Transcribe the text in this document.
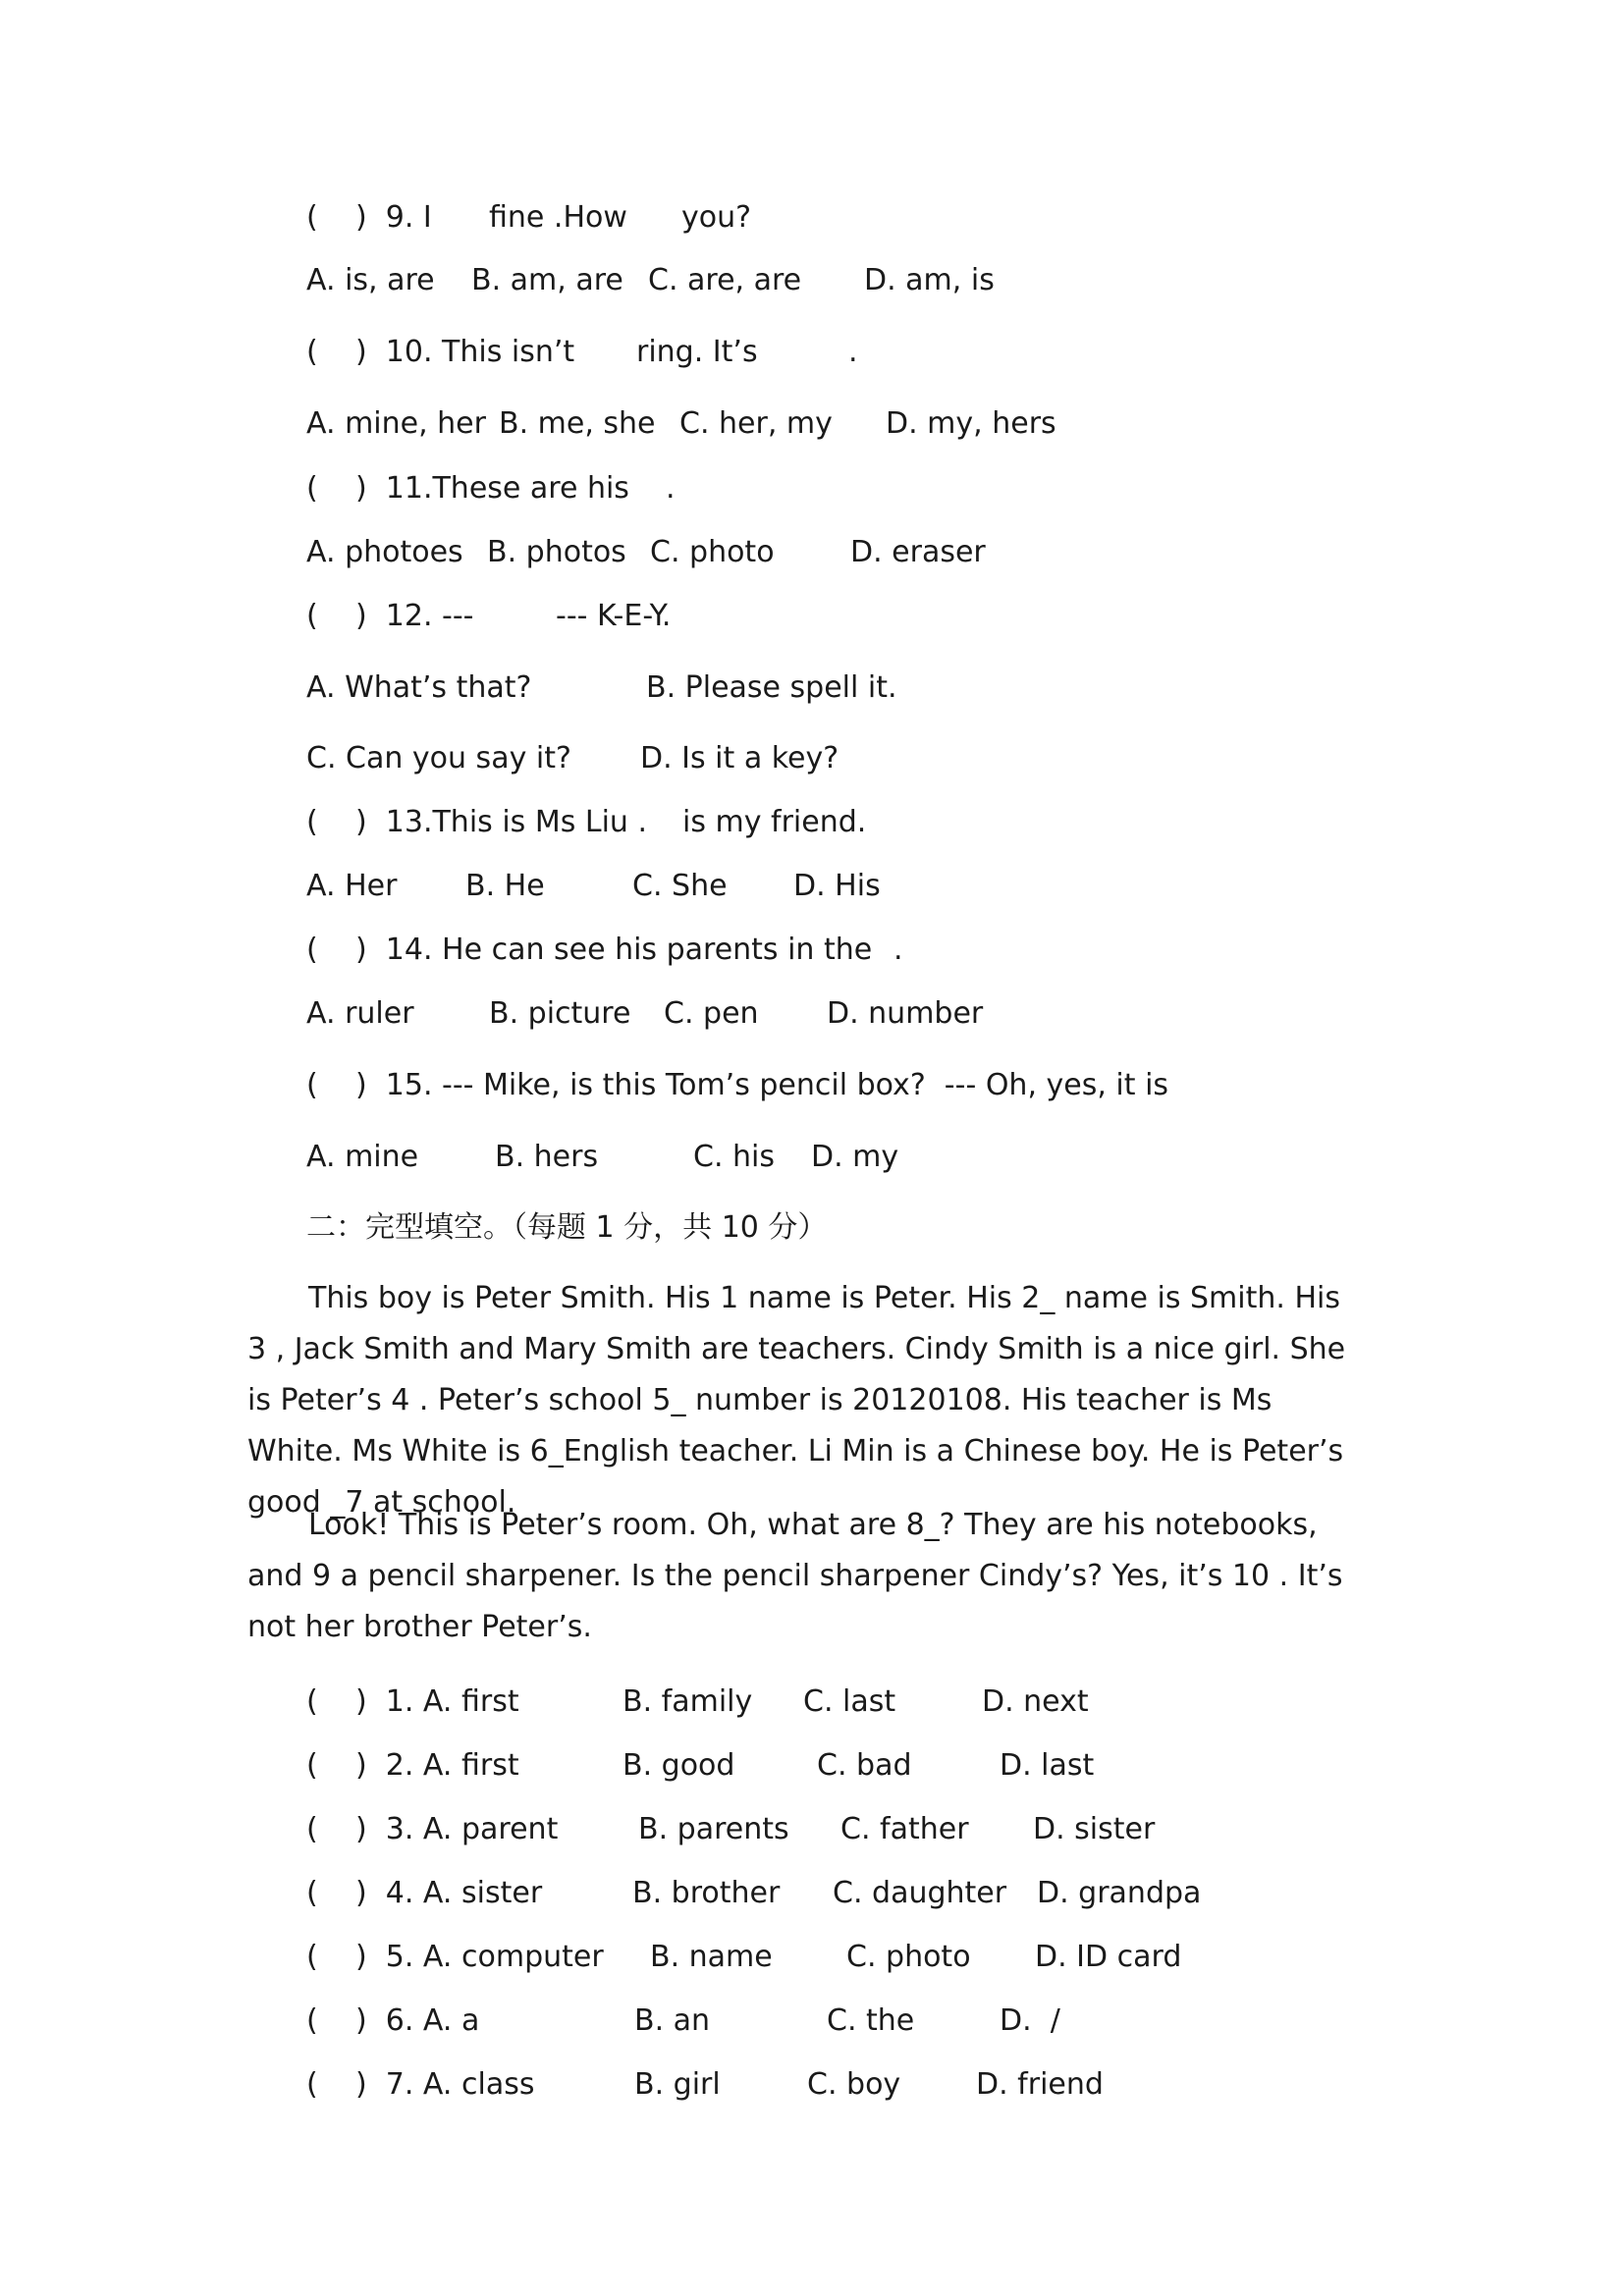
( )  9. I fine .How you?
A. is, are B. am, are C. are, are D. am, is
( )  10. This isn’t ring. It’s	.
A. mine, her B. me, she C. her, my D. my, hers
( )  11.These are his .
A. photoes B. photos C. photo	D. eraser
( )  12. ---	--- K-E-Y.
A. What’s that?	B. Please spell it.
C. Can you say it? D. Is it a key?
( )  13.This is Ms Liu . is my friend.
A. Her B. He	C. She D. His
( )  14. He can see his parents in the .
A. ruler	B. picture C. pen D. number
( )  15. --- Mike, is this Tom’s pencil box?  --- Oh, yes, it is
A. mine	B. hers	C. his D. my
二：完型填空。（每题 1 分，共 10 分）
This boy is Peter Smith. His 1 name is Peter. His 2_ name is Smith. His 3 , Jack Smith and Mary Smith are teachers. Cindy Smith is a nice girl. She is Peter’s 4 . Peter’s school 5_ number is 20120108. His teacher is Ms White. Ms White is 6_English teacher. Li Min is a Chinese boy. He is Peter’s good _7 at school.
Look! This is Peter’s room. Oh, what are 8_? They are his notebooks, and 9 a pencil sharpener. Is the pencil sharpener Cindy’s? Yes, it’s 10 . It’s not her brother Peter’s.
( )  1. A. first	B. family C. last	D. next
( )  2. A. first	B. good	C. bad	D. last
( )  3. A. parent	B. parents C. father D. sister
( )  4. A. sister	B. brother C. daughter D. grandpa
( )  5. A. computer B. name	C. photo D. ID card
( )  6. A. a	B. an	C. the	D.  /
( )  7. A. class	B. girl	C. boy	D. friend
